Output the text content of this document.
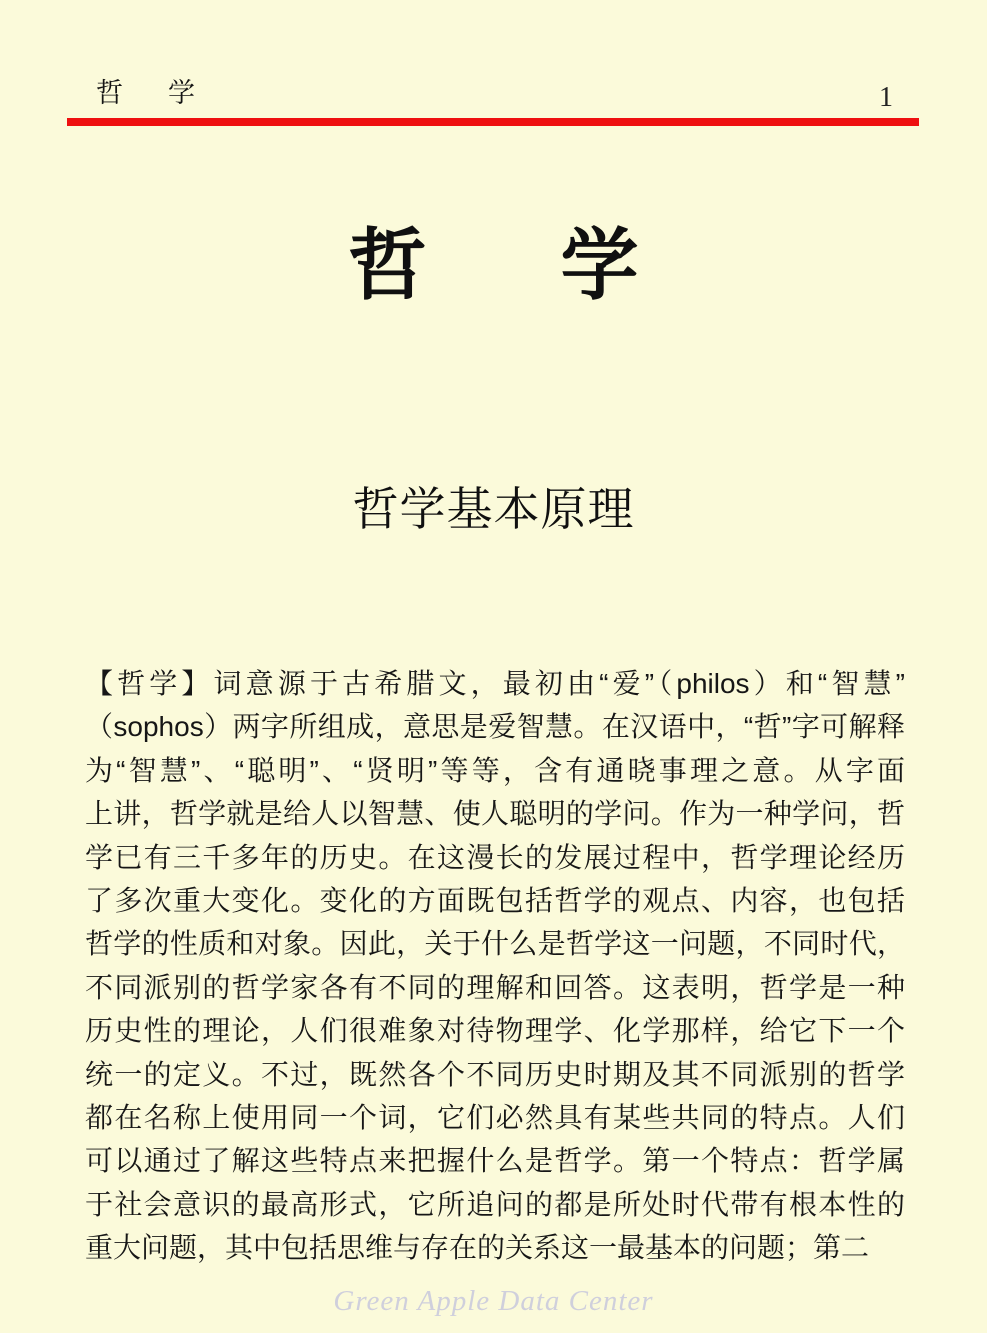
哲 学	1
哲 学
哲学基本原理
【哲学】词意源于古希腊文，最初由“爱”（philos）和“智慧”
（sophos）两字所组成，意思是爱智慧。在汉语中，“哲”字可解释
为“智慧”、“聪明”、“贤明”等等，含有通晓事理之意。从字面
上讲，哲学就是给人以智慧、使人聪明的学问。作为一种学问，哲
学已有三千多年的历史。在这漫长的发展过程中，哲学理论经历
了多次重大变化。变化的方面既包括哲学的观点、内容，也包括
哲学的性质和对象。因此，关于什么是哲学这一问题，不同时代，
不同派别的哲学家各有不同的理解和回答。这表明，哲学是一种
历史性的理论，人们很难象对待物理学、化学那样，给它下一个
统一的定义。不过，既然各个不同历史时期及其不同派别的哲学
都在名称上使用同一个词，它们必然具有某些共同的特点。人们
可以通过了解这些特点来把握什么是哲学。第一个特点：哲学属
于社会意识的最高形式，它所追问的都是所处时代带有根本性的
重大问题，其中包括思维与存在的关系这一最基本的问题；第二
Green Apple Data Center
